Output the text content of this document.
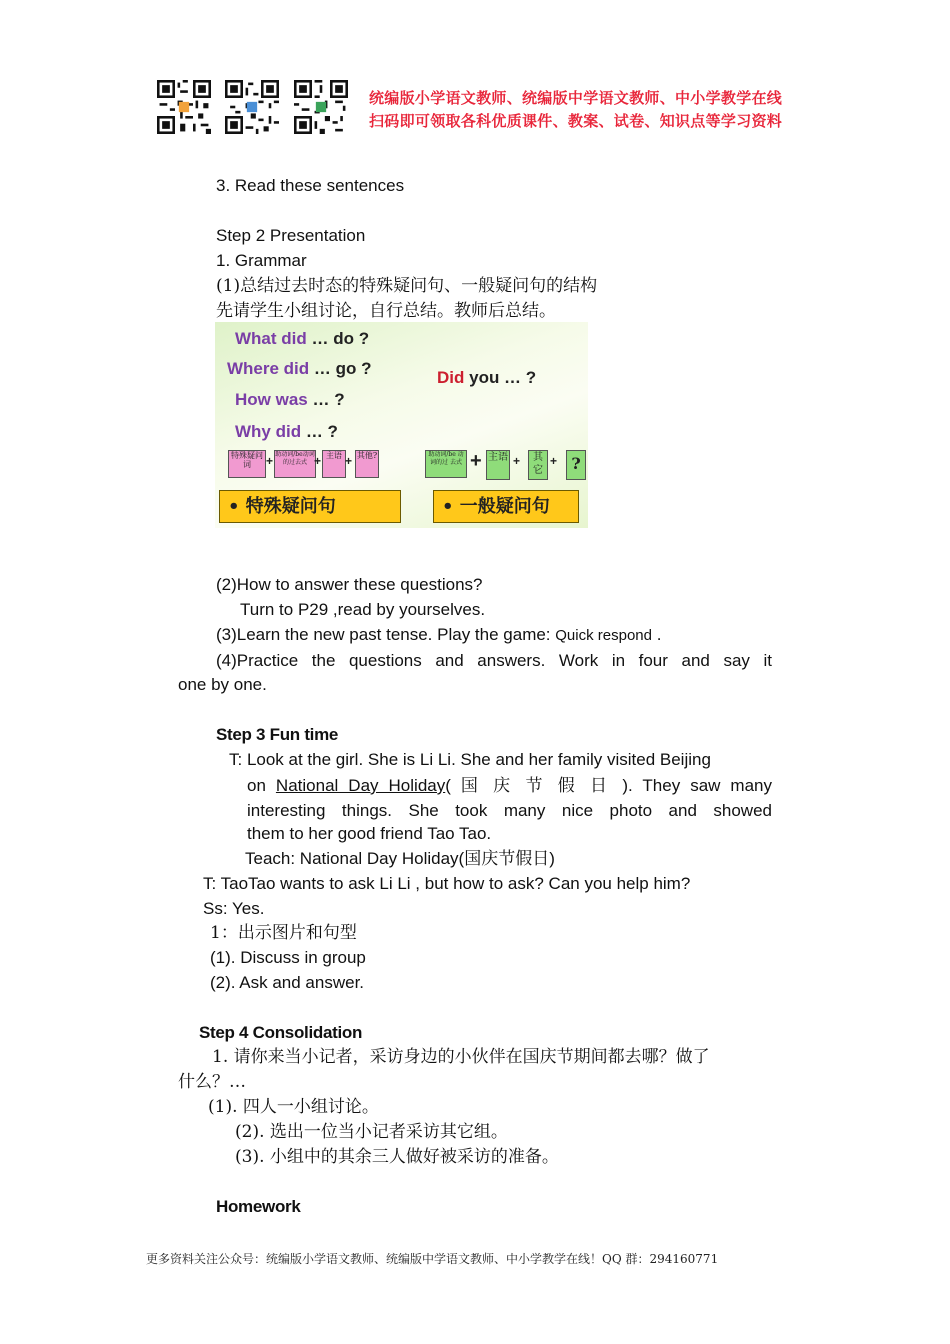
统编版小学语文教师、统编版中学语文教师、中小学教学在线
扫码即可领取各科优质课件、教案、试卷、知识点等学习资料
3. Read these sentences
Step 2 Presentation
1. Grammar
(1)总结过去时态的特殊疑问句、一般疑问句的结构
先请学生小组讨论，自行总结。教师后总结。
What did … do ?
Where did … go ?
How was … ?
Why did … ?
Did you … ?
特殊疑问词	+ 助动词/be动词 的过去式 + 主语 + 其他?	助动词/be 动词的过 去式 + 主语 +	其它
+ ?
• 特殊疑问句	• 一般疑问句
(2)How to answer these questions?
Turn to P29 ,read by yourselves.
(3)Learn the new past tense. Play the game: Quick respond .
(4)Practice the questions and answers. Work in four and say it
one by one.
Step 3 Fun time
T: Look at the girl. She is Li Li. She and her family visited Beijing
on National Day Holiday( 国 庆 节 假 日 ). They saw many
interesting things. She took many nice photo and showed
them to her good friend Tao Tao.
Teach: National Day Holiday(国庆节假日)
T: TaoTao wants to ask Li Li , but how to ask? Can you help him?
Ss: Yes.
1：出示图片和句型
(1). Discuss in group
(2). Ask and answer.
Step 4 Consolidation
1. 请你来当小记者，采访身边的小伙伴在国庆节期间都去哪？做了
什么？…
(1). 四人一小组讨论。
(2). 选出一位当小记者采访其它组。
(3). 小组中的其余三人做好被采访的准备。
Homework
更多资料关注公众号：统编版小学语文教师、统编版中学语文教师、中小学教学在线！QQ 群：294160771
